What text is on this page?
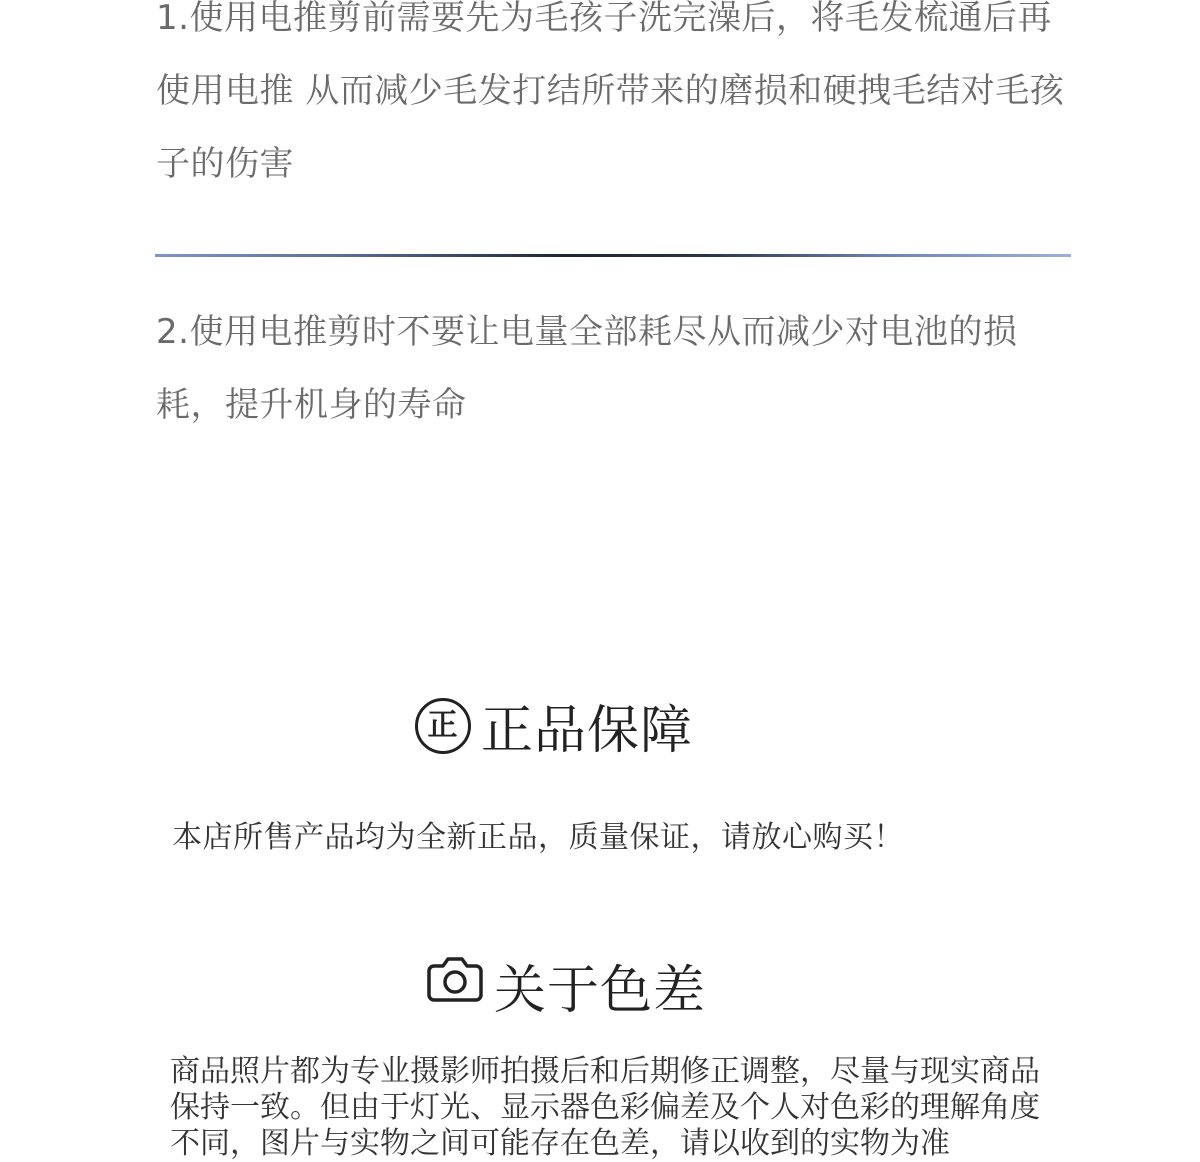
1.使用电推剪前需要先为毛孩子洗完澡后，将毛发梳通后再使用电推 从而减少毛发打结所带来的磨损和硬拽毛结对毛孩子的伤害
2.使用电推剪时不要让电量全部耗尽从而减少对电池的损耗，提升机身的寿命
正 正品保障
本店所售产品均为全新正品，质量保证，请放心购买！
关于色差
商品照片都为专业摄影师拍摄后和后期修正调整，尽量与现实商品保持一致。但由于灯光、显示器色彩偏差及个人对色彩的理解角度不同，图片与实物之间可能存在色差，请以收到的实物为准
